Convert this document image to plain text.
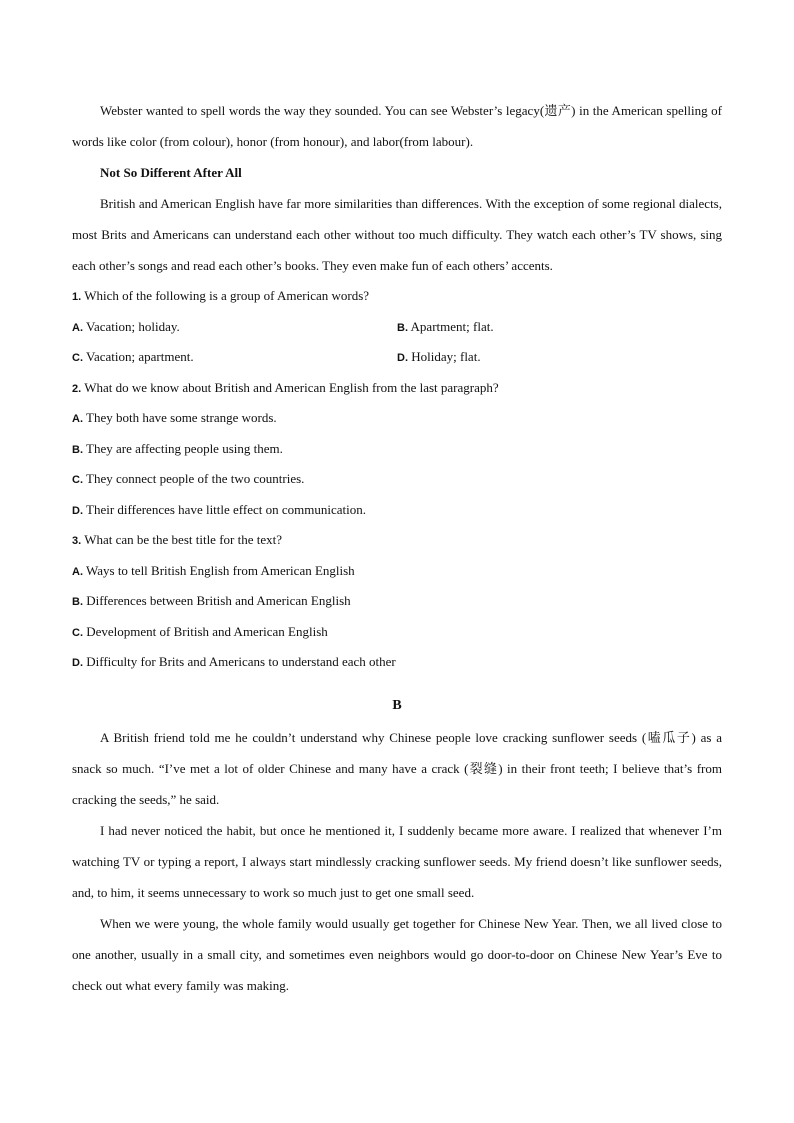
Webster wanted to spell words the way they sounded. You can see Webster’s legacy(遗产) in the American spelling of words like color (from colour), honor (from honour), and labor(from labour).

Not So Different After All

British and American English have far more similarities than differences. With the exception of some regional dialects, most Brits and Americans can understand each other without too much difficulty. They watch each other’s TV shows, sing each other’s songs and read each other’s books. They even make fun of each others’ accents.

1. Which of the following is a group of American words?
A. Vacation; holiday.	B. Apartment; flat.
C. Vacation; apartment.	D. Holiday; flat.
2. What do we know about British and American English from the last paragraph?
A. They both have some strange words.
B. They are affecting people using them.
C. They connect people of the two countries.
D. Their differences have little effect on communication.
3. What can be the best title for the text?
A. Ways to tell British English from American English
B. Differences between British and American English
C. Development of British and American English
D. Difficulty for Brits and Americans to understand each other

B

A British friend told me he couldn’t understand why Chinese people love cracking sunflower seeds (嗑瓜子) as a snack so much. “I’ve met a lot of older Chinese and many have a crack (裂缝) in their front teeth; I believe that’s from cracking the seeds,” he said.

I had never noticed the habit, but once he mentioned it, I suddenly became more aware. I realized that whenever I’m watching TV or typing a report, I always start mindlessly cracking sunflower seeds. My friend doesn’t like sunflower seeds, and, to him, it seems unnecessary to work so much just to get one small seed.

When we were young, the whole family would usually get together for Chinese New Year. Then, we all lived close to one another, usually in a small city, and sometimes even neighbors would go door-to-door on Chinese New Year’s Eve to check out what every family was making.
